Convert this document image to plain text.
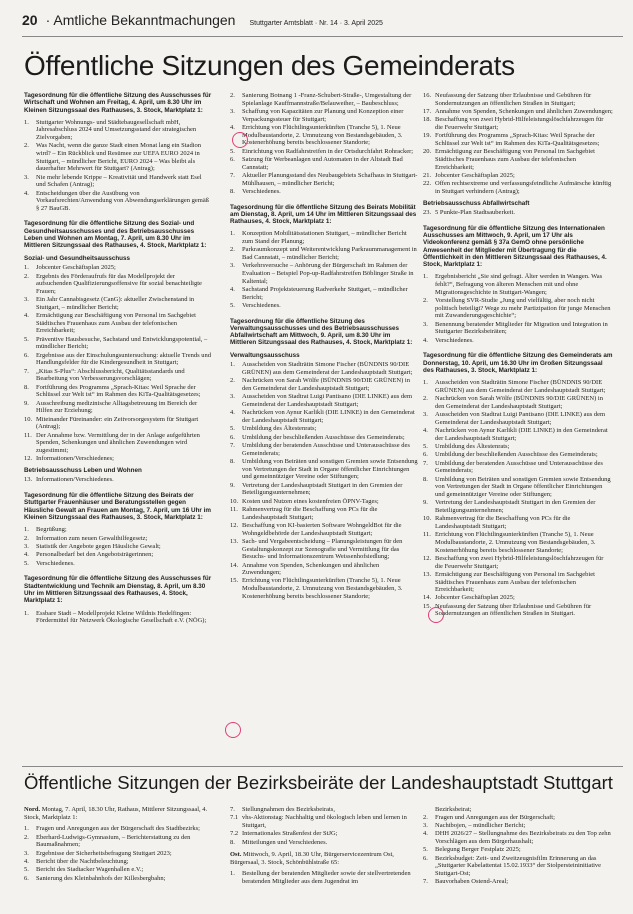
20 · Amtliche Bekanntmachungen Stuttgarter Amtsblatt · Nr. 14 · 3. April 2025
Öffentliche Sitzungen des Gemeinderats
Tagesordnung für die öffentliche Sitzung des Ausschusses für Wirtschaft und Wohnen am Freitag, 4. April, um 8.30 Uhr im Kleinen Sitzungssaal des Rathauses, 3. Stock, Marktplatz 1:
1.	Stuttgarter Wohnungs- und Städtebaugesellschaft mbH, Jahresabschluss 2024 und Umsetzungsstand der strategischen Zielvorgaben;
2.	Was Nacht, wenn die ganze Stadt einen Monat lang ein Stadion wird? – Ein Rückblick und Resümee zur UEFA EURO 2024 in Stuttgart, – mündlicher Bericht, EURO 2024 – Was bleibt als dauerhafter Mehrwert für Stuttgart? (Antrag);
3.	Nie mehr lebende Krippe – Kreativität und Handwerk statt Esel und Schafen (Antrag);
4.	Entscheidungen über die Ausübung von Vorkaufsrechten/Anwendung von Abwendungserklärungen gemäß § 27 BauGB.
Tagesordnung für die öffentliche Sitzung des Sozial- und Gesundheitsausschusses und des Betriebsausschusses Leben und Wohnen am Montag, 7. April, um 8.30 Uhr im Mittleren Sitzungssaal des Rathauses, 4. Stock, Marktplatz 1:
Sozial- und Gesundheitsausschuss
1.	Jobcenter Geschäftsplan 2025;
2.	Ergebnis des Förderaufrufs für das Modellprojekt der aufsuchenden Qualifizierungsoffensive für sozial benachteiligte Frauen;
3.	Ein Jahr Cannabisgesetz (CanG): aktueller Zwischenstand in Stuttgart, – mündlicher Bericht;
4.	Ermächtigung zur Beschäftigung von Personal im Sachgebiet Städtisches Frauenhaus zum Ausbau der telefonischen Erreichbarkeit;
5.	Präventive Hausbesuche, Sachstand und Entwicklungspotential, – mündlicher Bericht;
6.	Ergebnisse aus der Einschulungsuntersuchung: aktuelle Trends und Handlungsfelder für die Kindergesundheit in Stuttgart;
7.	„Kitas S-Plus“: Abschlussbericht, Qualitätsstandards und Bearbeitung von Verbesserungsvorschlägen;
8.	Fortführung des Programms „Sprach-Kitas: Weil Sprache der Schlüssel zur Welt ist“ im Rahmen des KiTa-Qualitätsgesetzes;
9.	Ausschreibung medizinische Alltagsbetreuung im Bereich der Hilfen zur Erziehung;
10. Miteinander Füreinander: ein Zeitvorsorgesystem für Stuttgart (Antrag);
11. Der Annahme bzw. Vermittlung der in der Anlage aufgeführten Spenden, Schenkungen und ähnlichen Zuwendungen wird zugestimmt;
12. Informationen/Verschiedenes;
Betriebsausschuss Leben und Wohnen
13. Informationen/Verschiedenes.
Tagesordnung für die öffentliche Sitzung des Beirats der Stuttgarter Frauenhäuser und Beratungsstellen gegen Häusliche Gewalt an Frauen am Montag, 7. April, um 16 Uhr im Kleinen Sitzungssaal des Rathauses, 3. Stock, Marktplatz 1:
1.	Begrüßung;
2.	Information zum neuen Gewalthilfegesetz;
3.	Statistik der Angebote gegen Häusliche Gewalt;
4.	Personalbedarf bei den Angebotsträgerinnen;
5.	Verschiedenes.
Tagesordnung für die öffentliche Sitzung des Ausschusses für Stadtentwicklung und Technik am Dienstag, 8. April, um 8.30 Uhr im Mittleren Sitzungssaal des Rathauses, 4. Stock, Marktplatz 1:
1.	Essbare Stadt – Modellprojekt Kleine Wildnis Hedelfingen: Fördermittel für Netzwerk Ökologische Gesellschaft e.V. (NÖG);
2.	Sanierung Botnang 1 -Franz-Schubert-Straße-, Umgestaltung der Spielanlage Kauffmannstraße/Belauweiher, – Baubeschluss;
3.	Schaffung von Kapazitäten zur Planung und Konzeption einer Verpackungssteuer für Stuttgart;
4.	Errichtung von Flüchtlingsunterkünften (Tranche 5), 1. Neue Modulbaustandorte, 2. Umnutzung von Bestandsgebäuden, 3. Kostenerhöhung bereits beschlossener Standorte;
5.	Einrichtung von Radfahrstreifen in der Ortsdurchfahrt Rohracker;
6.	Satzung für Werbeanlagen und Automaten in der Altstadt Bad Cannstatt;
7.	Aktueller Planungsstand des Neubaugebiets Schafhaus in Stuttgart-Mühlhausen, – mündlicher Bericht;
8.	Verschiedenes.
Tagesordnung für die öffentliche Sitzung des Beirats Mobilität am Dienstag, 8. April, um 14 Uhr im Mittleren Sitzungssaal des Rathauses, 4. Stock, Marktplatz 1:
1.	Konzeption Mobilitätsstationen Stuttgart, – mündlicher Bericht zum Stand der Planung;
2.	Parkraumkonzept und Weiterentwicklung Parkraummanagement in Bad Cannstatt, – mündlicher Bericht;
3.	Verkehrsversuche – Anhörung der Bürgerschaft im Rahmen der Evaluation – Beispiel Pop-up-Radfahrstreifen Böblinger Straße in Kaltental;
4.	Sachstand Projektsteuerung Radverkehr Stuttgart, – mündlicher Bericht;
5.	Verschiedenes.
Tagesordnung für die öffentliche Sitzung des Verwaltungsausschusses und des Betriebsausschusses Abfallwirtschaft am Mittwoch, 9. April, um 8.30 Uhr im Mittleren Sitzungssaal des Rathauses, 4. Stock, Marktplatz 1:
Verwaltungsausschuss
1.	Ausscheiden von Stadträtin Simone Fischer (BÜNDNIS 90/DIE GRÜNEN) aus dem Gemeinderat der Landeshauptstadt Stuttgart;
2.	Nachrücken von Sarah Wölfe (BÜNDNIS 90/DIE GRÜNEN) in den Gemeinderat der Landeshauptstadt Stuttgart;
3.	Ausscheiden von Stadtrat Luigi Pantisano (DIE LINKE) aus dem Gemeinderat der Landeshauptstadt Stuttgart;
4.	Nachrücken von Aynur Karlikli (DIE LINKE) in den Gemeinderat der Landeshauptstadt Stuttgart;
5.	Umbildung des Ältestenrats;
6.	Umbildung der beschließenden Ausschüsse des Gemeinderats;
7.	Umbildung der beratenden Ausschüsse und Unterausschüsse des Gemeinderats;
8.	Umbildung von Beiräten und sonstigen Gremien sowie Entsendung von Vertretungen der Stadt in Organe öffentlicher Einrichtungen und gemeinnütziger Vereine oder Stiftungen;
9.	Vertretung der Landeshauptstadt Stuttgart in den Gremien der Beteiligungsunternehmen;
10. Kosten und Nutzen eines kostenfreien ÖPNV-Tages;
11. Rahmenvertrag für die Beschaffung von PCs für die Landeshauptstadt Stuttgart;
12. Beschaffung von KI-basierten Software WohngeldBot für die Wohngeldbehörde der Landeshauptstadt Stuttgart;
13. Sach- und Vergabeentscheidung – Planungsleistungen für den Gestaltungskonzept zur Szenografie und Vermittlung für das Besuchs- und Informationszentrum Weissenhofsiedlung;
14. Annahme von Spenden, Schenkungen und ähnlichen Zuwendungen;
15. Errichtung von Flüchtlingsunterkünften (Tranche 5), 1. Neue Modulbaustandorte, 2. Umnutzung von Bestandsgebäuden, 3. Kostenerhöhung bereits beschlossener Standorte;
16. Neufassung der Satzung über Erlaubnisse und Gebühren für Sondernutzungen an öffentlichen Straßen in Stuttgart;
17. Annahme von Spenden, Schenkungen und ähnlichen Zuwendungen;
18. Beschaffung von zwei Hybrid-Hilfeleistungslöschfahrzeugen für die Feuerwehr Stuttgart;
19. Fortführung des Programms „Sprach-Kitas: Weil Sprache der Schlüssel zur Welt ist“ im Rahmen des KiTa-Qualitätsgesetzes;
20. Ermächtigung zur Beschäftigung von Personal im Sachgebiet Städtisches Frauenhaus zum Ausbau der telefonischen Erreichbarkeit;
21. Jobcenter Geschäftsplan 2025;
22. Offen rechtsextreme und verfassungsfeindliche Aufmärsche künftig in Stuttgart verhindern (Antrag);
Betriebsausschuss Abfallwirtschaft
23. 5 Punkte-Plan Stadtsauberkeit.
Tagesordnung für die öffentliche Sitzung des Internationalen Ausschusses am Mittwoch, 9. April, um 17 Uhr als Videokonferenz gemäß § 37a GemO ohne persönliche Anwesenheit der Mitglieder mit Übertragung für die Öffentlichkeit in den Mittleren Sitzungssaal des Rathauses, 4. Stock, Marktplatz 1:
1.	Ergebnisbericht „Sie sind gefragt. Älter werden in Wangen. Was fehlt?“, Befragung von älteren Menschen mit und ohne Migrationsgeschichte in Stuttgart-Wangen;
2.	Vorstellung SVR-Studie „Jung und vielfältig, aber noch nicht politisch beteiligt? Wege zu mehr Partizipation für junge Menschen mit Zuwanderungsgeschichte“;
3.	Benennung beratender Mitglieder für Migration und Integration in Stuttgarter Bezirksbeiräten;
4.	Verschiedenes.
Tagesordnung für die öffentliche Sitzung des Gemeinderats am Donnerstag, 10. April, um 16.30 Uhr im Großen Sitzungssaal des Rathauses, 3. Stock, Marktplatz 1:
1.	Ausscheiden von Stadträtin Simone Fischer (BÜNDNIS 90/DIE GRÜNEN) aus dem Gemeinderat der Landeshauptstadt Stuttgart;
2.	Nachrücken von Sarah Wölfe (BÜNDNIS 90/DIE GRÜNEN) in den Gemeinderat der Landeshauptstadt Stuttgart;
3.	Ausscheiden von Stadtrat Luigi Pantisano (DIE LINKE) aus dem Gemeinderat der Landeshauptstadt Stuttgart;
4.	Nachrücken von Aynur Karlikli (DIE LINKE) in den Gemeinderat der Landeshauptstadt Stuttgart;
5.	Umbildung des Ältestenrats;
6.	Umbildung der beschließenden Ausschüsse des Gemeinderats;
7.	Umbildung der beratenden Ausschüsse und Unterausschüsse des Gemeinderats;
8.	Umbildung von Beiräten und sonstigen Gremien sowie Entsendung von Vertretungen der Stadt in Organe öffentlicher Einrichtungen und gemeinnütziger Vereine oder Stiftungen;
9.	Vertretung der Landeshauptstadt Stuttgart in den Gremien der Beteiligungsunternehmen;
10. Rahmenvertrag für die Beschaffung von PCs für die Landeshauptstadt Stuttgart;
11. Errichtung von Flüchtlingsunterkünften (Tranche 5), 1. Neue Modulbaustandorte, 2. Umnutzung von Bestandsgebäuden, 3. Kostenerhöhung bereits beschlossener Standorte;
12. Beschaffung von zwei Hybrid-Hilfeleistungslöschfahrzeugen für die Feuerwehr Stuttgart;
13. Ermächtigung zur Beschäftigung von Personal im Sachgebiet Städtisches Frauenhaus zum Ausbau der telefonischen Erreichbarkeit;
14. Jobcenter Geschäftsplan 2025;
15. Neufassung der Satzung über Erlaubnisse und Gebühren für Sondernutzungen an öffentlichen Straßen in Stuttgart.
Öffentliche Sitzungen der Bezirksbeiräte der Landeshauptstadt Stuttgart
Nord. Montag, 7. April, 18.30 Uhr, Rathaus, Mittlerer Sitzungssaal, 4. Stock, Marktplatz 1:
1.	Fragen und Anregungen aus der Bürgerschaft des Stadtbezirks;
2.	Eberhard-Ludwigs-Gymnasium, – Berichterstattung zu den Baumaßnahmen;
3.	Ergebnisse der Sicherheitsbefragung Stuttgart 2023;
4.	Bericht über die Nachtbeleuchtung;
5.	Bericht des Stadtacker Wagenhallen e.V.;
6.	Sanierung des Kleinbahnhofs der Killesbergbahn;
7.	Stellungnahmen des Bezirksbeirats,
7.1 vhs-Aktionstag: Nachhaltig und ökologisch leben und lernen in Stuttgart,
7.2 Internationales Straßenfest der StJG;
8.	Mitteilungen und Verschiedenes.
Ost. Mittwoch, 9. April, 18.30 Uhr, Bürgerservicezentrum Ost, Bürgersaal, 3. Stock, Schönbühlstraße 65:
1.	Bestellung der beratenden Mitglieder sowie der stellvertretenden beratenden Mitglieder aus dem Jugendrat im
Bezirksbeirat;
2.	Fragen und Anregungen aus der Bürgerschaft;
3.	Nachtbojen, – mündlicher Bericht;
4.	DHH 2026/27 – Stellungnahme des Bezirksbeirats zu den Top zehn Vorschlägen aus dem Bürgerhaushalt;
5.	Belegung Berger Festplatz 2025;
6.	Bezirksbudget: Zeit- und Zweitzeugnisfilm Erinnerung an das „Stuttgarter Kabelattentat 15.02.1933“ der Stolpersteininitiative Stuttgart-Ost;
7.	Bauvorhaben Ostend-Areal;
